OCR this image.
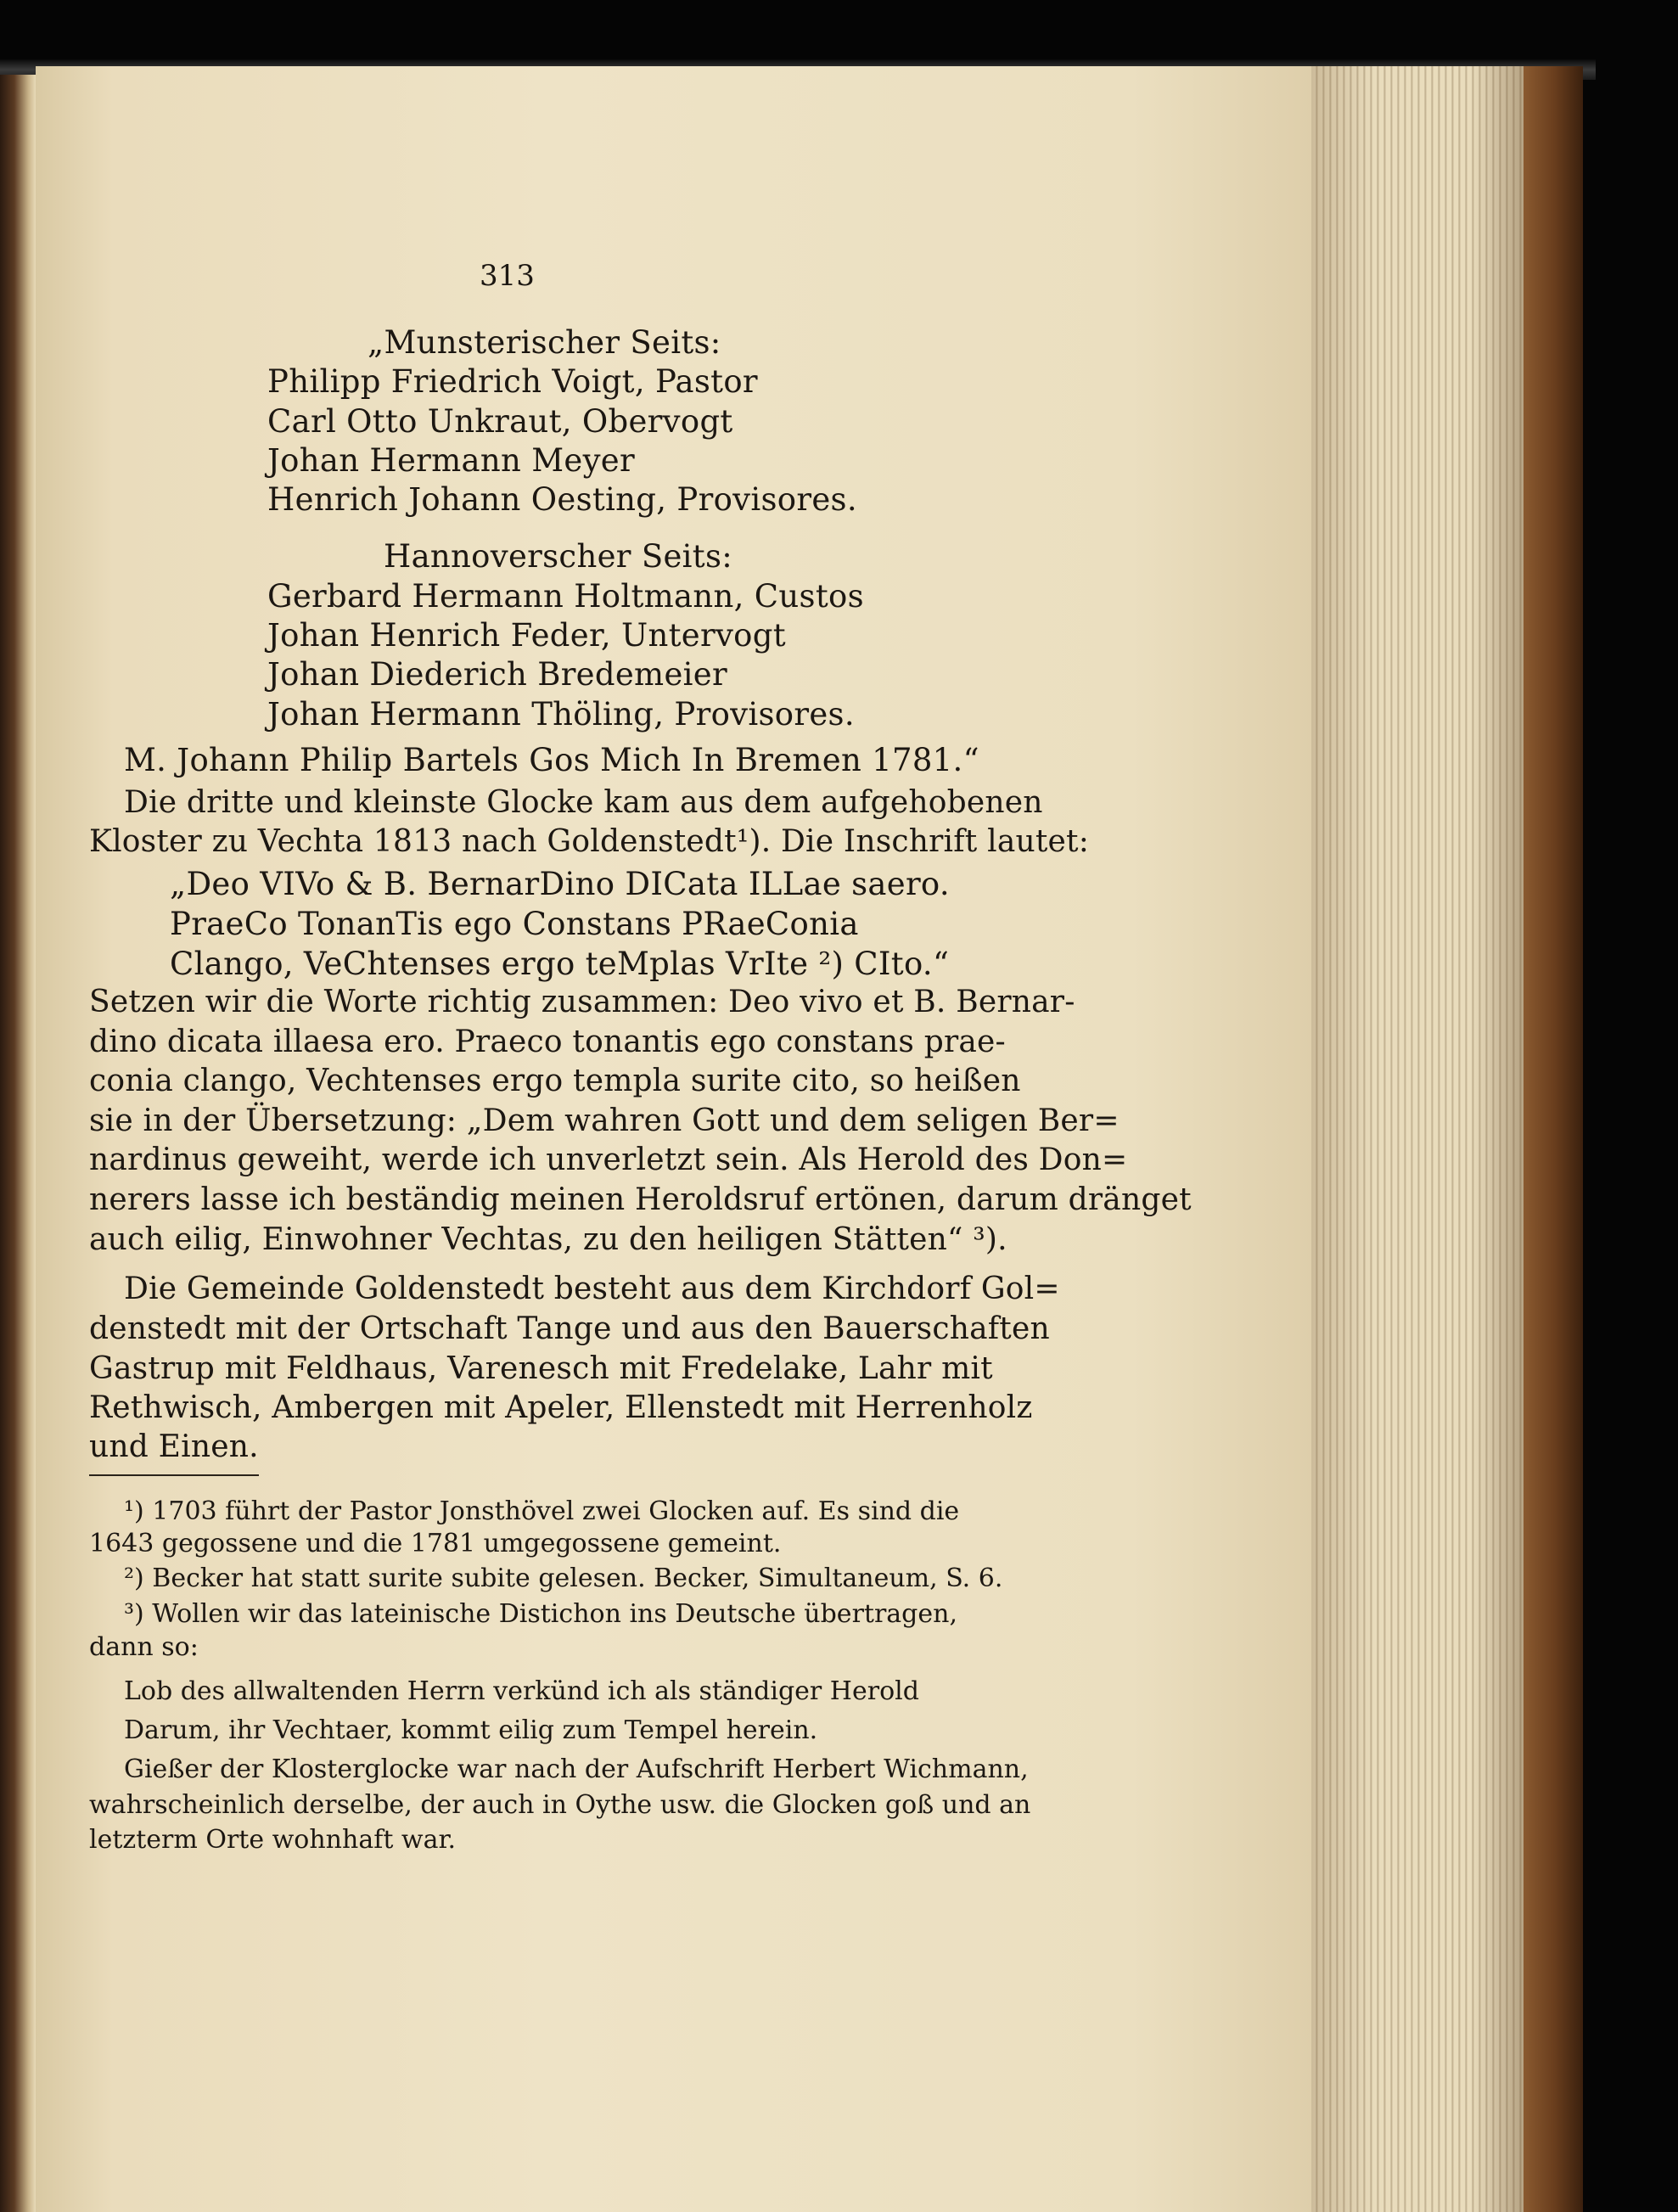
313
„Munsterischer Seits:
Philipp Friedrich Voigt, Pastor
Carl Otto Unkraut, Obervogt
Johan Hermann Meyer
Henrich Johann Oesting, Provisores.
Hannoverscher Seits:
Gerbard Hermann Holtmann, Custos
Johan Henrich Feder, Untervogt
Johan Diederich Bredemeier
Johan Hermann Thöling, Provisores.
M. Johann Philip Bartels Gos Mich In Bremen 1781.“
Die dritte und kleinste Glocke kam aus dem aufgehobenen
Kloster zu Vechta 1813 nach Goldenstedt¹). Die Inschrift lautet:
„Deo VIVo & B. BernarDino DICata ILLae saero.
PraeCo TonanTis ego Constans PRaeConia
Clango, VeChtenses ergo teMplas VrIte ²) CIto.“
Setzen wir die Worte richtig zusammen: Deo vivo et B. Bernar-
dino dicata illaesa ero. Praeco tonantis ego constans prae-
conia clango, Vechtenses ergo templa surite cito, so heißen
sie in der Übersetzung: „Dem wahren Gott und dem seligen Ber=
nardinus geweiht, werde ich unverletzt sein. Als Herold des Don=
nerers lasse ich beständig meinen Heroldsruf ertönen, darum dränget
auch eilig, Einwohner Vechtas, zu den heiligen Stätten“ ³).
Die Gemeinde Goldenstedt besteht aus dem Kirchdorf Gol=
denstedt mit der Ortschaft Tange und aus den Bauerschaften
Gastrup mit Feldhaus, Varenesch mit Fredelake, Lahr mit
Rethwisch, Ambergen mit Apeler, Ellenstedt mit Herrenholz
und Einen.
¹) 1703 führt der Pastor Jonsthövel zwei Glocken auf. Es sind die
1643 gegossene und die 1781 umgegossene gemeint.
²) Becker hat statt surite subite gelesen. Becker, Simultaneum, S. 6.
³) Wollen wir das lateinische Distichon ins Deutsche übertragen,
dann so:
Lob des allwaltenden Herrn verkünd ich als ständiger Herold
Darum, ihr Vechtaer, kommt eilig zum Tempel herein.
Gießer der Klosterglocke war nach der Aufschrift Herbert Wichmann,
wahrscheinlich derselbe, der auch in Oythe usw. die Glocken goß und an
letzterm Orte wohnhaft war.
